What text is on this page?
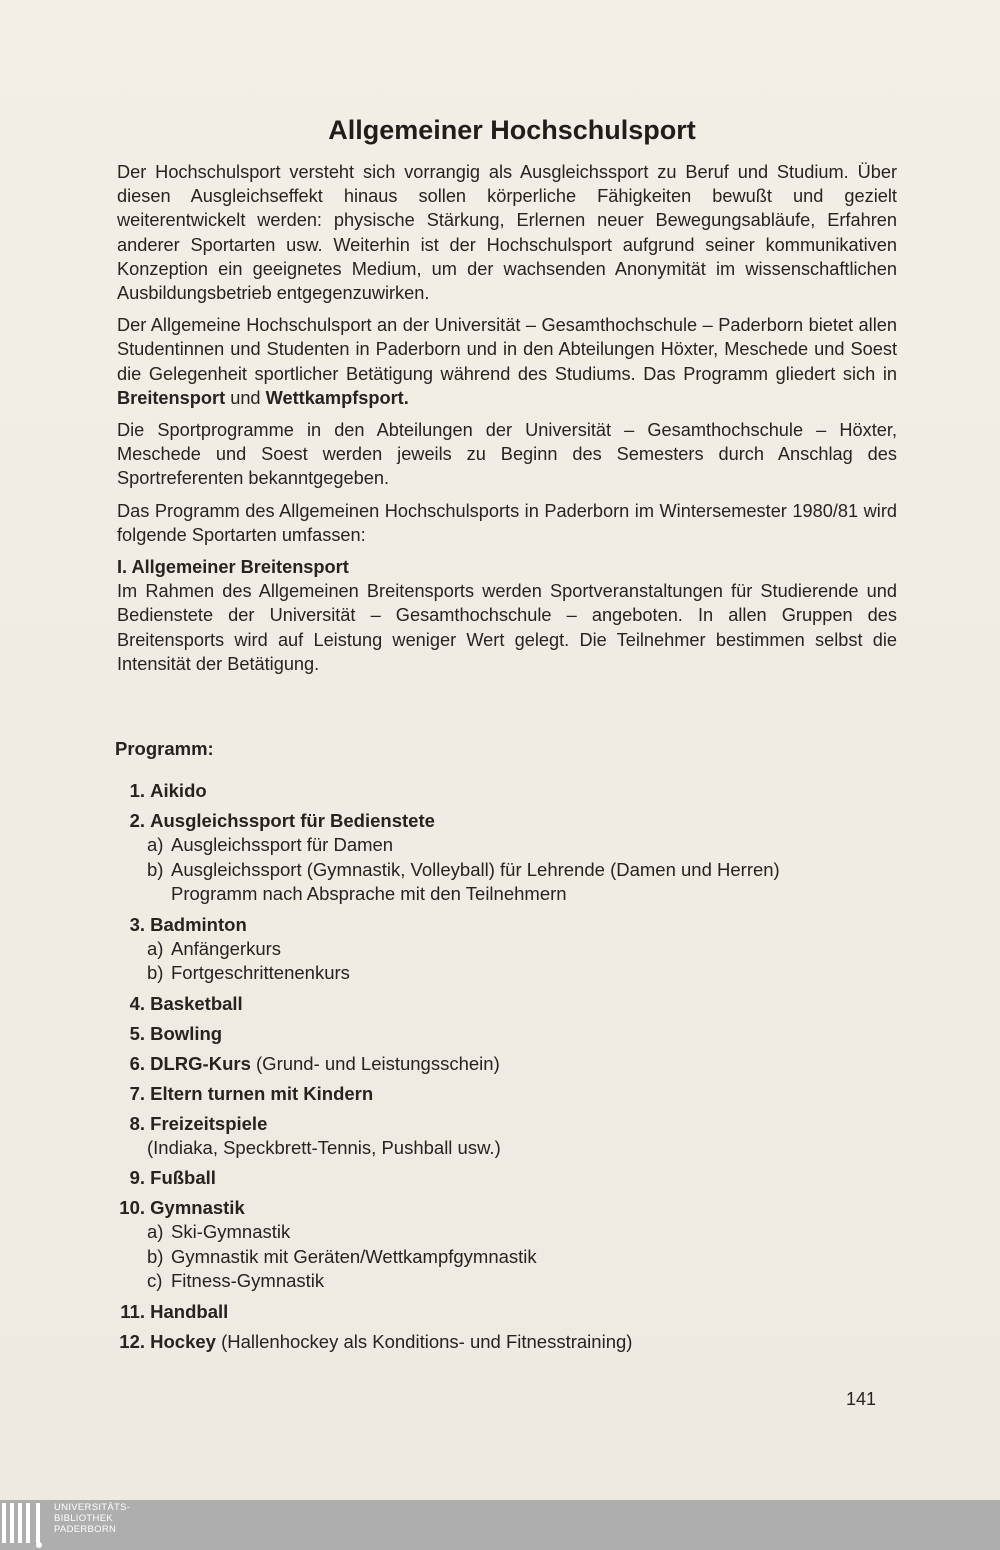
Allgemeiner Hochschulsport

Der Hochschulsport versteht sich vorrangig als Ausgleichssport zu Beruf und Studium. Über diesen Ausgleichseffekt hinaus sollen körperliche Fähigkeiten bewußt und gezielt weiterentwickelt werden: physische Stärkung, Erlernen neuer Bewegungsabläufe, Erfahren anderer Sportarten usw. Weiterhin ist der Hochschulsport aufgrund seiner kommunikativen Konzeption ein geeignetes Medium, um der wachsenden Anonymität im wissenschaftlichen Ausbildungsbetrieb entgegenzuwirken.

Der Allgemeine Hochschulsport an der Universität – Gesamthochschule – Paderborn bietet allen Studentinnen und Studenten in Paderborn und in den Abteilungen Höxter, Meschede und Soest die Gelegenheit sportlicher Betätigung während des Studiums. Das Programm gliedert sich in Breitensport und Wettkampfsport.

Die Sportprogramme in den Abteilungen der Universität – Gesamthochschule – Höxter, Meschede und Soest werden jeweils zu Beginn des Semesters durch Anschlag des Sportreferenten bekanntgegeben.

Das Programm des Allgemeinen Hochschulsports in Paderborn im Wintersemester 1980/81 wird folgende Sportarten umfassen:

I. Allgemeiner Breitensport

Im Rahmen des Allgemeinen Breitensports werden Sportveranstaltungen für Studierende und Bedienstete der Universität – Gesamthochschule – angeboten. In allen Gruppen des Breitensports wird auf Leistung weniger Wert gelegt. Die Teilnehmer bestimmen selbst die Intensität der Betätigung.

Programm:
1. Aikido
2. Ausgleichssport für Bedienstete
a) Ausgleichssport für Damen
b) Ausgleichssport (Gymnastik, Volleyball) für Lehrende (Damen und Herren)
Programm nach Absprache mit den Teilnehmern
3. Badminton
a) Anfängerkurs
b) Fortgeschrittenenkurs
4. Basketball
5. Bowling
6. DLRG-Kurs (Grund- und Leistungsschein)
7. Eltern turnen mit Kindern
8. Freizeitspiele
(Indiaka, Speckbrett-Tennis, Pushball usw.)
9. Fußball
10. Gymnastik
a) Ski-Gymnastik
b) Gymnastik mit Geräten/Wettkampfgymnastik
c) Fitness-Gymnastik
11. Handball
12. Hockey (Hallenhockey als Konditions- und Fitnesstraining)
141
UNIVERSITÄTS-
BIBLIOTHEK
PADERBORN
